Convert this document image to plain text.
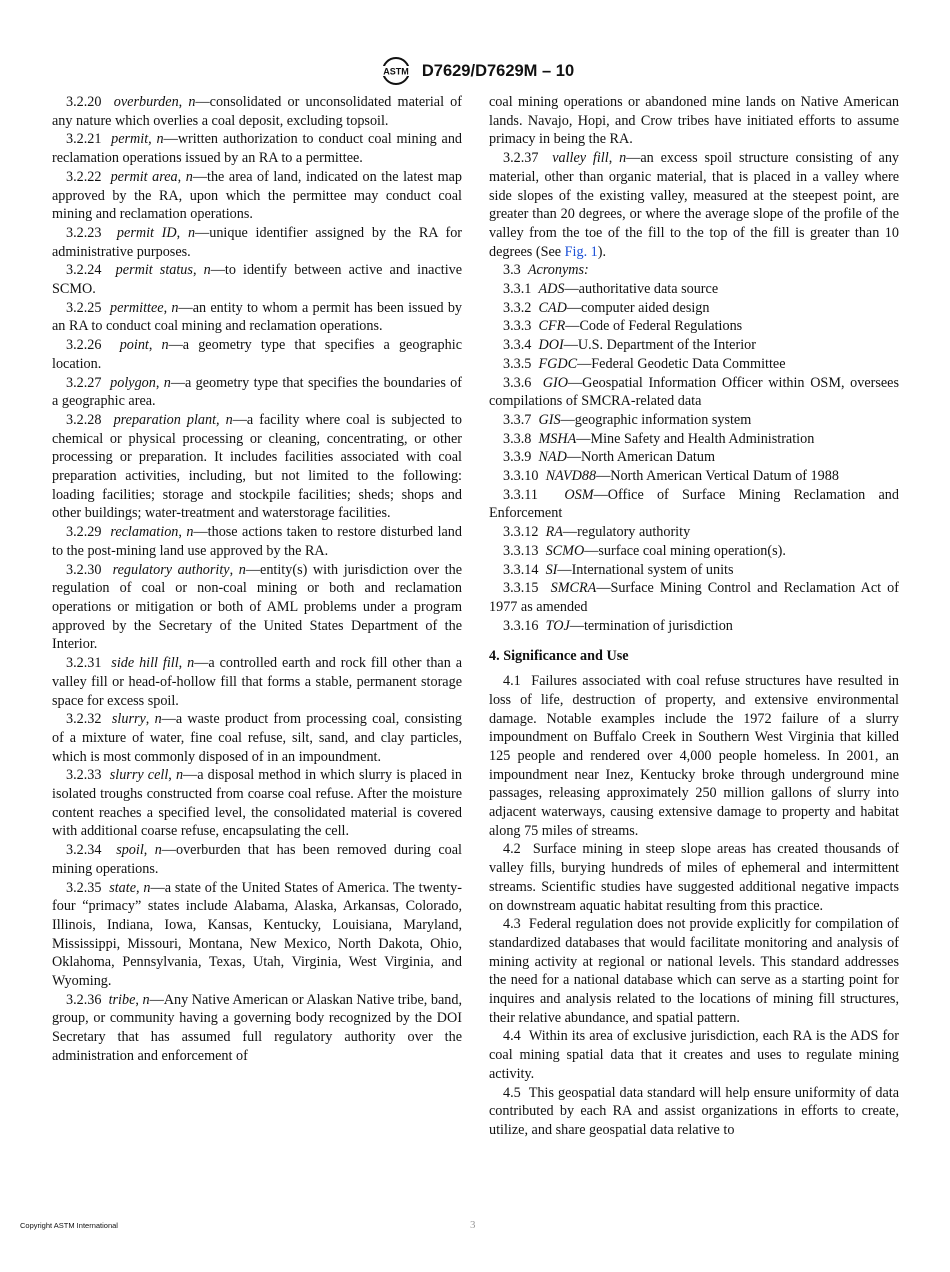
ASTM D7629/D7629M – 10

3.2.20  overburden, n—consolidated or unconsolidated material of any nature which overlies a coal deposit, excluding topsoil.

3.2.21  permit, n—written authorization to conduct coal mining and reclamation operations issued by an RA to a permittee.

3.2.22  permit area, n—the area of land, indicated on the latest map approved by the RA, upon which the permittee may conduct coal mining and reclamation operations.

3.2.23  permit ID, n—unique identifier assigned by the RA for administrative purposes.

3.2.24  permit status, n—to identify between active and inactive SCMO.

3.2.25  permittee, n—an entity to whom a permit has been issued by an RA to conduct coal mining and reclamation operations.

3.2.26  point, n—a geometry type that specifies a geographic location.

3.2.27  polygon, n—a geometry type that specifies the boundaries of a geographic area.

3.2.28  preparation plant, n—a facility where coal is subjected to chemical or physical processing or cleaning, concentrating, or other processing or preparation. It includes facilities associated with coal preparation activities, including, but not limited to the following: loading facilities; storage and stockpile facilities; sheds; shops and other buildings; water-treatment and waterstorage facilities.

3.2.29  reclamation, n—those actions taken to restore disturbed land to the post-mining land use approved by the RA.

3.2.30  regulatory authority, n—entity(s) with jurisdiction over the regulation of coal or non-coal mining or both and reclamation operations or mitigation or both of AML problems under a program approved by the Secretary of the United States Department of the Interior.

3.2.31  side hill fill, n—a controlled earth and rock fill other than a valley fill or head-of-hollow fill that forms a stable, permanent storage space for excess spoil.

3.2.32  slurry, n—a waste product from processing coal, consisting of a mixture of water, fine coal refuse, silt, sand, and clay particles, which is most commonly disposed of in an impoundment.

3.2.33  slurry cell, n—a disposal method in which slurry is placed in isolated troughs constructed from coarse coal refuse. After the moisture content reaches a specified level, the consolidated material is covered with additional coarse refuse, encapsulating the cell.

3.2.34  spoil, n—overburden that has been removed during coal mining operations.

3.2.35  state, n—a state of the United States of America. The twenty-four “primacy” states include Alabama, Alaska, Arkansas, Colorado, Illinois, Indiana, Iowa, Kansas, Kentucky, Louisiana, Maryland, Mississippi, Missouri, Montana, New Mexico, North Dakota, Ohio, Oklahoma, Pennsylvania, Texas, Utah, Virginia, West Virginia, and Wyoming.

3.2.36  tribe, n—Any Native American or Alaskan Native tribe, band, group, or community having a governing body recognized by the DOI Secretary that has assumed full regulatory authority over the administration and enforcement of

coal mining operations or abandoned mine lands on Native American lands. Navajo, Hopi, and Crow tribes have initiated efforts to assume primacy in being the RA.

3.2.37  valley fill, n—an excess spoil structure consisting of any material, other than organic material, that is placed in a valley where side slopes of the existing valley, measured at the steepest point, are greater than 20 degrees, or where the average slope of the profile of the valley from the toe of the fill to the top of the fill is greater than 10 degrees (See Fig. 1).

3.3  Acronyms:

3.3.1  ADS—authoritative data source

3.3.2  CAD—computer aided design

3.3.3  CFR—Code of Federal Regulations

3.3.4  DOI—U.S. Department of the Interior

3.3.5  FGDC—Federal Geodetic Data Committee

3.3.6  GIO—Geospatial Information Officer within OSM, oversees compilations of SMCRA-related data

3.3.7  GIS—geographic information system

3.3.8  MSHA—Mine Safety and Health Administration

3.3.9  NAD—North American Datum

3.3.10  NAVD88—North American Vertical Datum of 1988

3.3.11  OSM—Office of Surface Mining Reclamation and Enforcement

3.3.12  RA—regulatory authority

3.3.13  SCMO—surface coal mining operation(s).

3.3.14  SI—International system of units

3.3.15  SMCRA—Surface Mining Control and Reclamation Act of 1977 as amended

3.3.16  TOJ—termination of jurisdiction

4. Significance and Use

4.1  Failures associated with coal refuse structures have resulted in loss of life, destruction of property, and extensive environmental damage. Notable examples include the 1972 failure of a slurry impoundment on Buffalo Creek in Southern West Virginia that killed 125 people and rendered over 4,000 people homeless. In 2001, an impoundment near Inez, Kentucky broke through underground mine passages, releasing approximately 250 million gallons of slurry into adjacent waterways, causing extensive damage to property and habitat along 75 miles of streams.

4.2  Surface mining in steep slope areas has created thousands of valley fills, burying hundreds of miles of ephemeral and intermittent streams. Scientific studies have suggested additional negative impacts on downstream aquatic habitat resulting from this practice.

4.3  Federal regulation does not provide explicitly for compilation of standardized databases that would facilitate monitoring and analysis of mining activity at regional or national levels. This standard addresses the need for a national database which can serve as a starting point for inquires and analysis related to the locations of mining fill structures, their relative abundance, and spatial pattern.

4.4  Within its area of exclusive jurisdiction, each RA is the ADS for coal mining spatial data that it creates and uses to regulate mining activity.

4.5  This geospatial data standard will help ensure uniformity of data contributed by each RA and assist organizations in efforts to create, utilize, and share geospatial data relative to

Copyright ASTM International	3
